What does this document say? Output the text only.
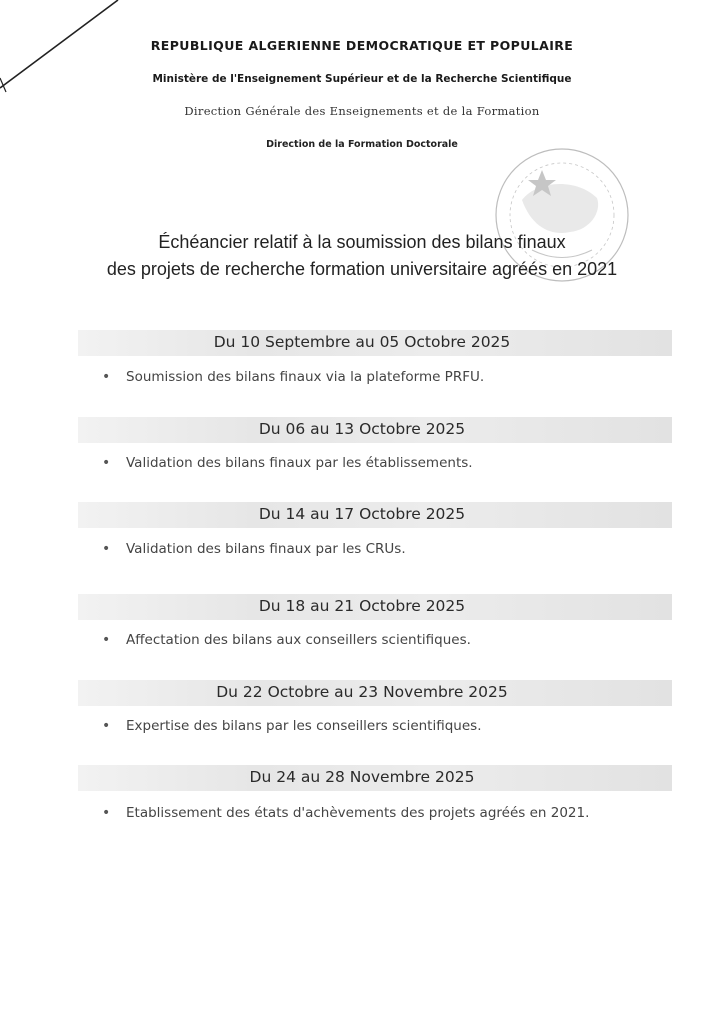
REPUBLIQUE ALGERIENNE DEMOCRATIQUE ET POPULAIRE
Ministère de l'Enseignement Supérieur et de la Recherche Scientifique
Direction Générale des Enseignements et de la Formation
Direction de la Formation Doctorale
Échéancier relatif à la soumission des bilans finaux
des projets de recherche formation universitaire agréés en 2021
Du 10 Septembre au 05 Octobre 2025
• Soumission des bilans finaux via la plateforme PRFU.
Du 06 au 13 Octobre 2025
• Validation des bilans finaux par les établissements.
Du 14 au 17 Octobre 2025
• Validation des bilans finaux par les CRUs.
Du 18 au 21 Octobre 2025
• Affectation des bilans aux conseillers scientifiques.
Du 22 Octobre au 23 Novembre 2025
• Expertise des bilans par les conseillers scientifiques.
Du 24 au 28 Novembre 2025
• Etablissement des états d'achèvements des projets agréés en 2021.
